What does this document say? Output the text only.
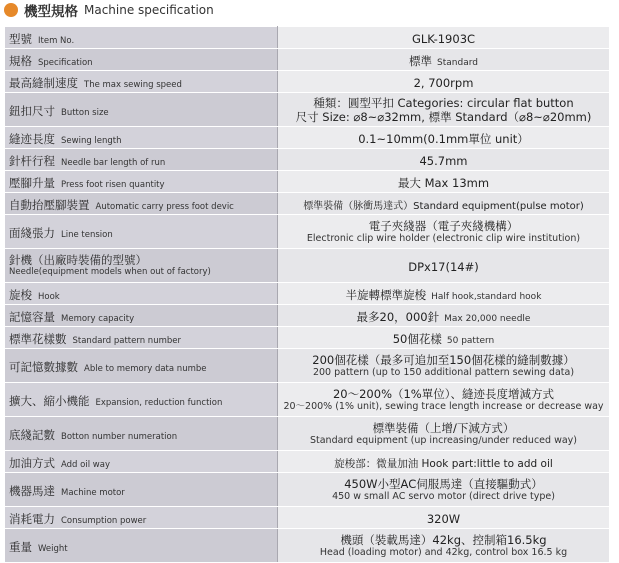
機型規格 Machine specification
型號 Item No.	GLK-1903C
規格 Specification	標準 Standard
最高縫制速度 The max sewing speed	2, 700rpm
鈕扣尺寸 Button size	種類：圓型平扣 Categories: circular flat button
尺寸 Size: ⌀8~⌀32mm, 標準 Standard（⌀8~⌀20mm)

縫迹長度 Sewing length	0.1~10mm(0.1mm單位 unit）
針杆行程 Needle bar length of run	45.7mm
壓腳升量 Press foot risen quantity	最大 Max 13mm
自動抬壓腳裝置 Automatic carry press foot devic	標準裝備（脉衝馬達式）Standard equipment(pulse motor)
面綫張力 Line tension	電子夾綫器（電子夾綫機構）
Electronic clip wire holder (electronic clip wire institution)

針機（出廠時裝備的型號）
Needle(equipment models when out of factory)	DPx17(14#)
旋梭 Hook	半旋轉標準旋梭 Half hook,standard hook
記憶容量 Memory capacity	最多20，000針 Max 20,000 needle
標準花樣數 Standard pattern number	50個花樣 50 pattern
可記憶數據數 Able to memory data numbe	200個花樣（最多可追加至150個花樣的縫制數據）
200 pattern (up to 150 additional pattern sewing data)

擴大、縮小機能 Expansion, reduction function	20～200%（1%單位）、縫迹長度增減方式
20～200% (1% unit), sewing trace length increase or decrease way

底綫記數 Botton number numeration	標準裝備（上增/下減方式）
Standard equipment (up increasing/under reduced way)

加油方式 Add oil way	旋梭部：微量加油 Hook part:little to add oil
機器馬達 Machine motor	450W小型AC伺服馬達（直接驅動式）
450 w small AC servo motor (direct drive type)

消耗電力 Consumption power	320W
重量 Weight	機頭（裝載馬達）42kg、控制箱16.5kg
Head (loading motor) and 42kg, control box 16.5 kg
